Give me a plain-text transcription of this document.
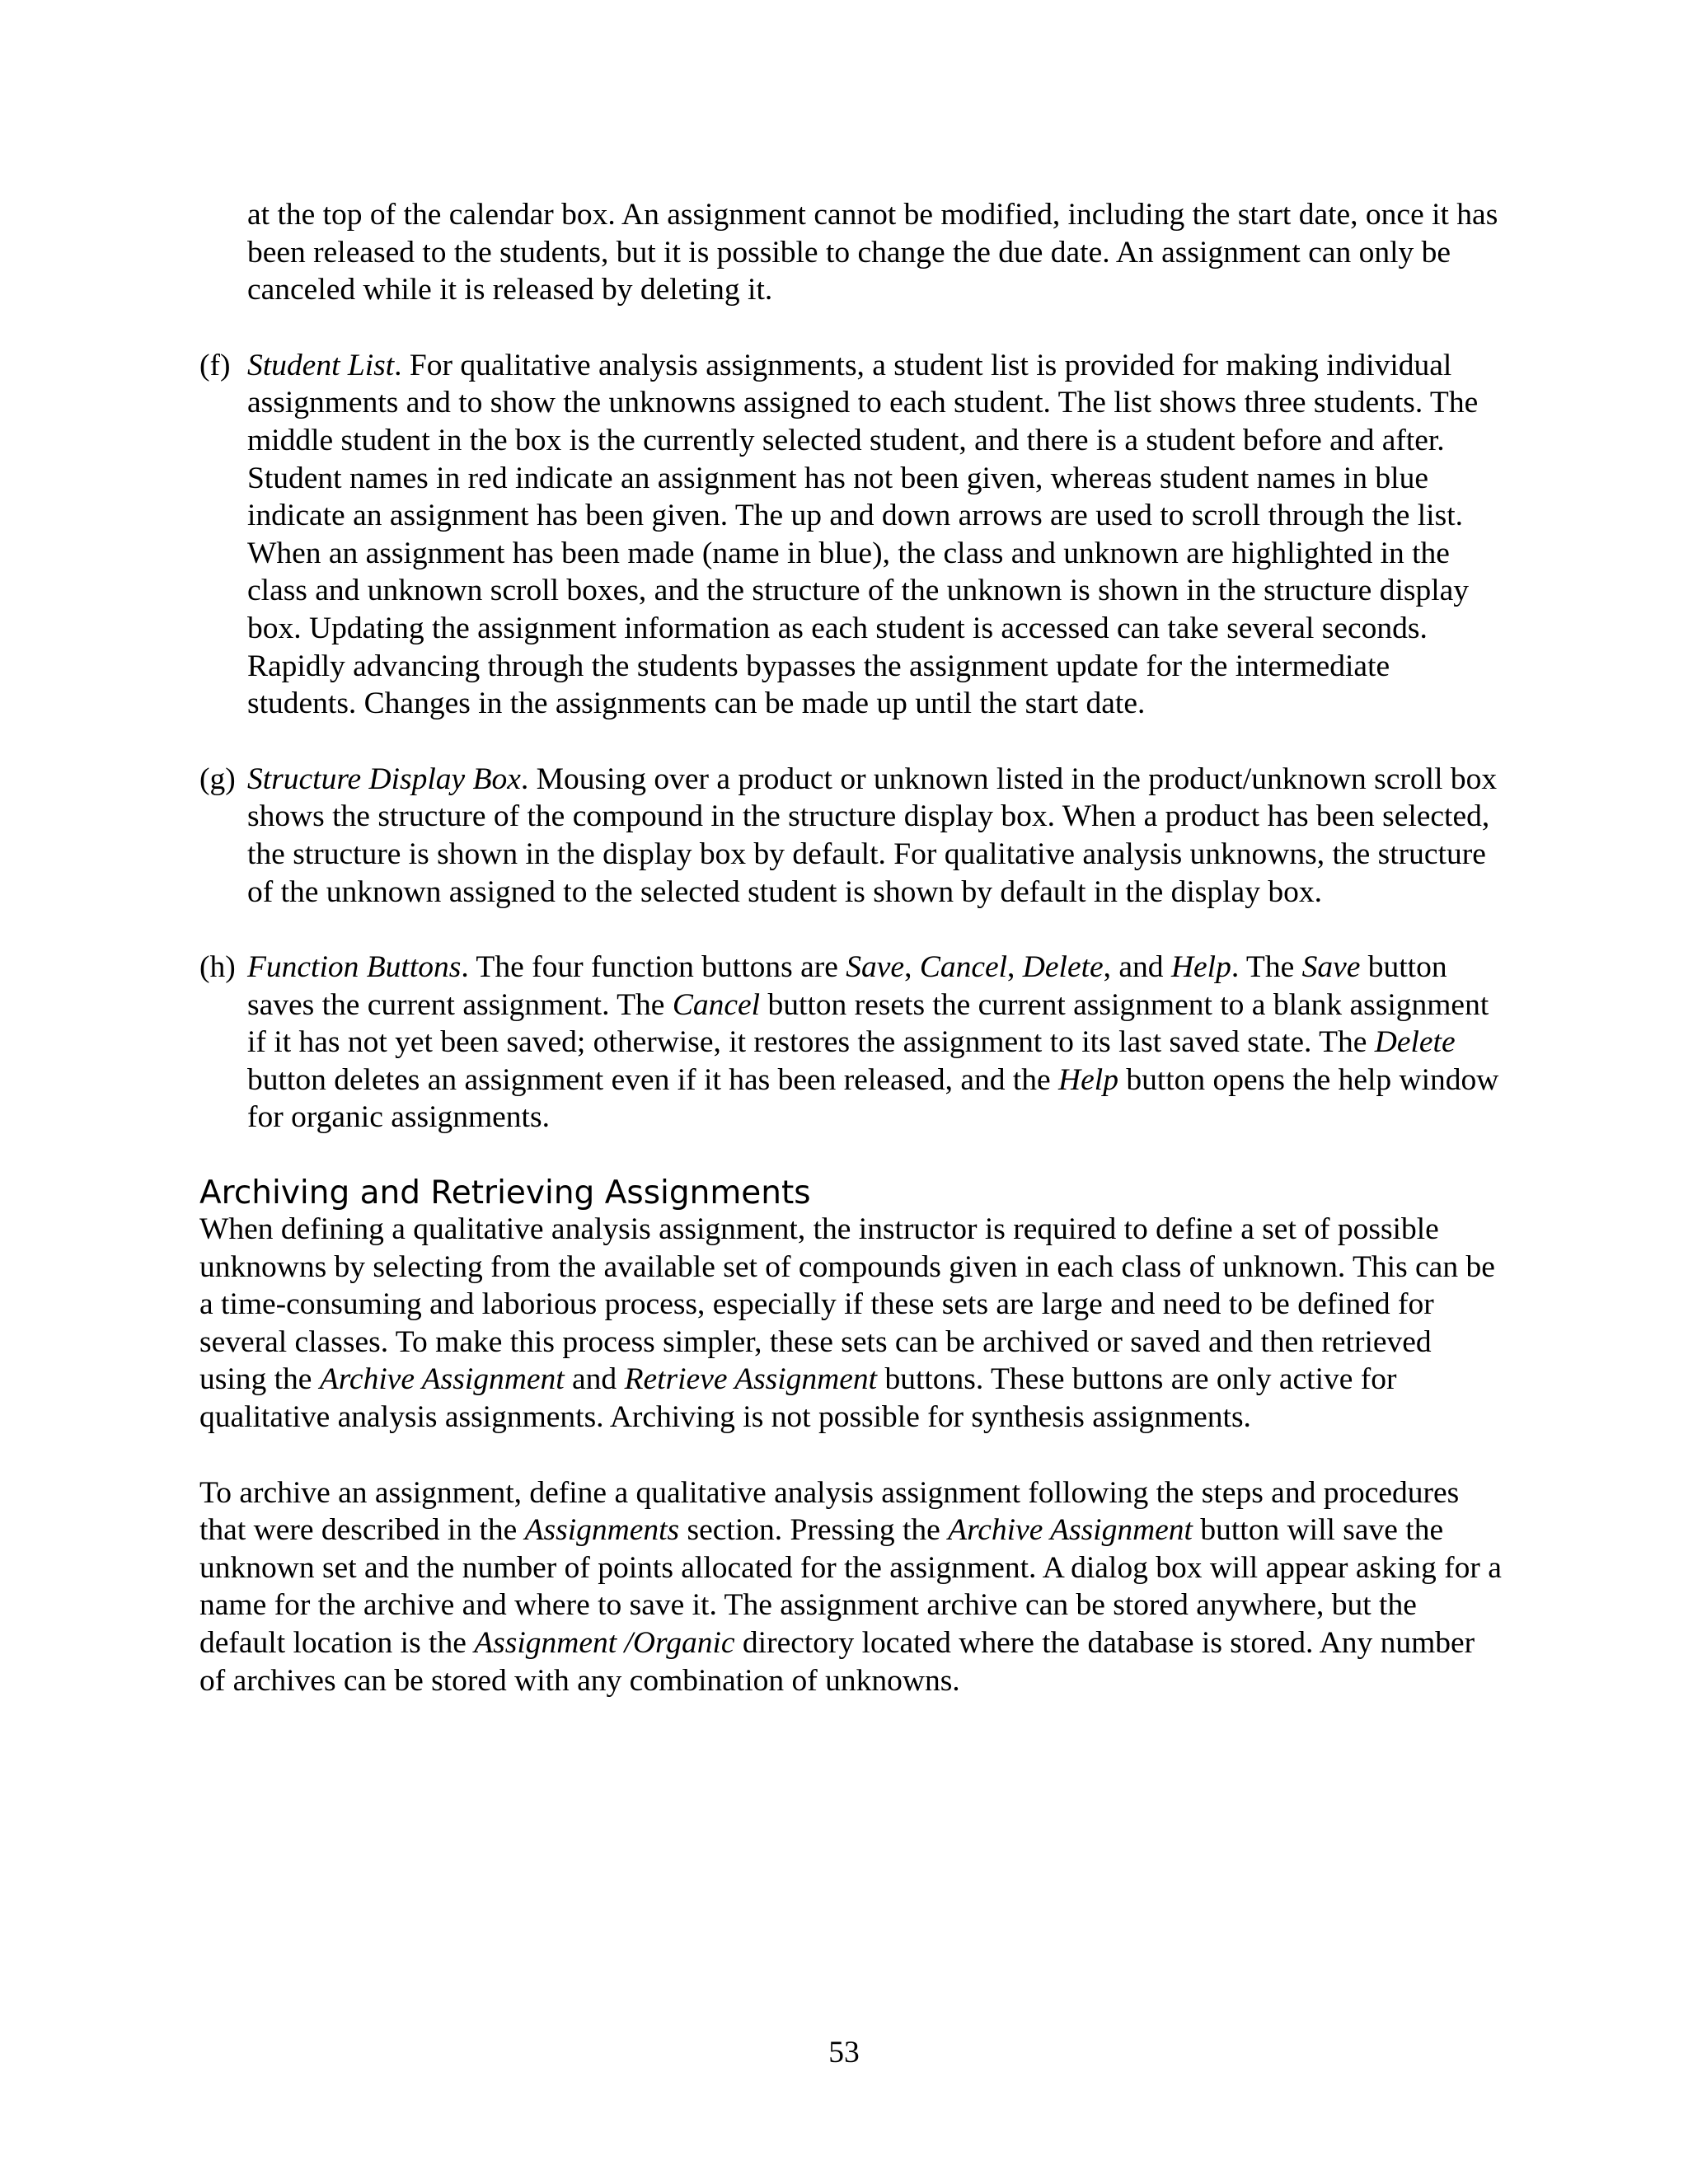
at the top of the calendar box. An assignment cannot be modified, including the start date, once it has been released to the students, but it is possible to change the due date. An assignment can only be canceled while it is released by deleting it.

(f) Student List. For qualitative analysis assignments, a student list is provided for making individual assignments and to show the unknowns assigned to each student. The list shows three students. The middle student in the box is the currently selected student, and there is a student before and after. Student names in red indicate an assignment has not been given, whereas student names in blue indicate an assignment has been given. The up and down arrows are used to scroll through the list. When an assignment has been made (name in blue), the class and unknown are highlighted in the class and unknown scroll boxes, and the structure of the unknown is shown in the structure display box. Updating the assignment information as each student is accessed can take several seconds. Rapidly advancing through the students bypasses the assignment update for the intermediate students. Changes in the assignments can be made up until the start date.
(g) Structure Display Box. Mousing over a product or unknown listed in the product/unknown scroll box shows the structure of the compound in the structure display box. When a product has been selected, the structure is shown in the display box by default. For qualitative analysis unknowns, the structure of the unknown assigned to the selected student is shown by default in the display box.
(h) Function Buttons. The four function buttons are Save, Cancel, Delete, and Help. The Save button saves the current assignment. The Cancel button resets the current assignment to a blank assignment if it has not yet been saved; otherwise, it restores the assignment to its last saved state. The Delete button deletes an assignment even if it has been released, and the Help button opens the help window for organic assignments.
Archiving and Retrieving Assignments

When defining a qualitative analysis assignment, the instructor is required to define a set of possible unknowns by selecting from the available set of compounds given in each class of unknown. This can be a time-consuming and laborious process, especially if these sets are large and need to be defined for several classes. To make this process simpler, these sets can be archived or saved and then retrieved using the Archive Assignment and Retrieve Assignment buttons. These buttons are only active for qualitative analysis assignments. Archiving is not possible for synthesis assignments.

To archive an assignment, define a qualitative analysis assignment following the steps and procedures that were described in the Assignments section. Pressing the Archive Assignment button will save the unknown set and the number of points allocated for the assignment. A dialog box will appear asking for a name for the archive and where to save it. The assignment archive can be stored anywhere, but the default location is the Assignment /Organic directory located where the database is stored. Any number of archives can be stored with any combination of unknowns.

53
